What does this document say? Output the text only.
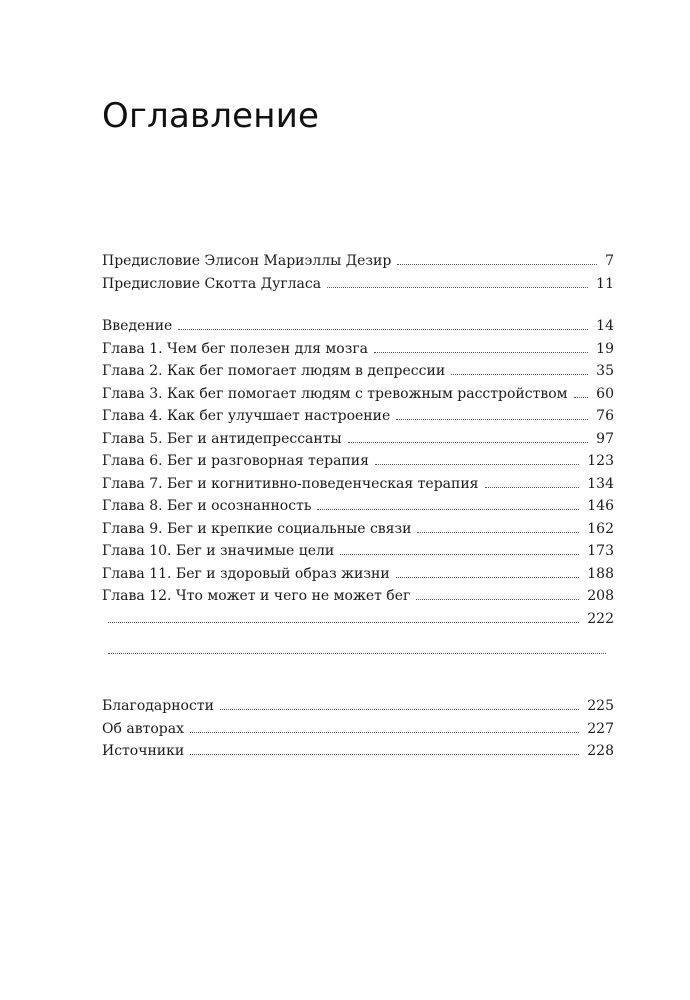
Оглавление
Предисловие Элисон Мариэллы Дезир	7
Предисловие Скотта Дугласа	11
Введение	14
Глава 1. Чем бег полезен для мозга	19
Глава 2. Как бег помогает людям в депрессии	35
Глава 3. Как бег помогает людям с тревожным расстройством	60
Глава 4. Как бег улучшает настроение	76
Глава 5. Бег и антидепрессанты	97
Глава 6. Бег и разговорная терапия	123
Глава 7. Бег и когнитивно-поведенческая терапия	134
Глава 8. Бег и осознанность	146
Глава 9. Бег и крепкие социальные связи	162
Глава 10. Бег и значимые цели	173
Глава 11. Бег и здоровый образ жизни	188
Глава 12. Что может и чего не может бег	208
222
Благодарности	225
Об авторах	227
Источники	228
